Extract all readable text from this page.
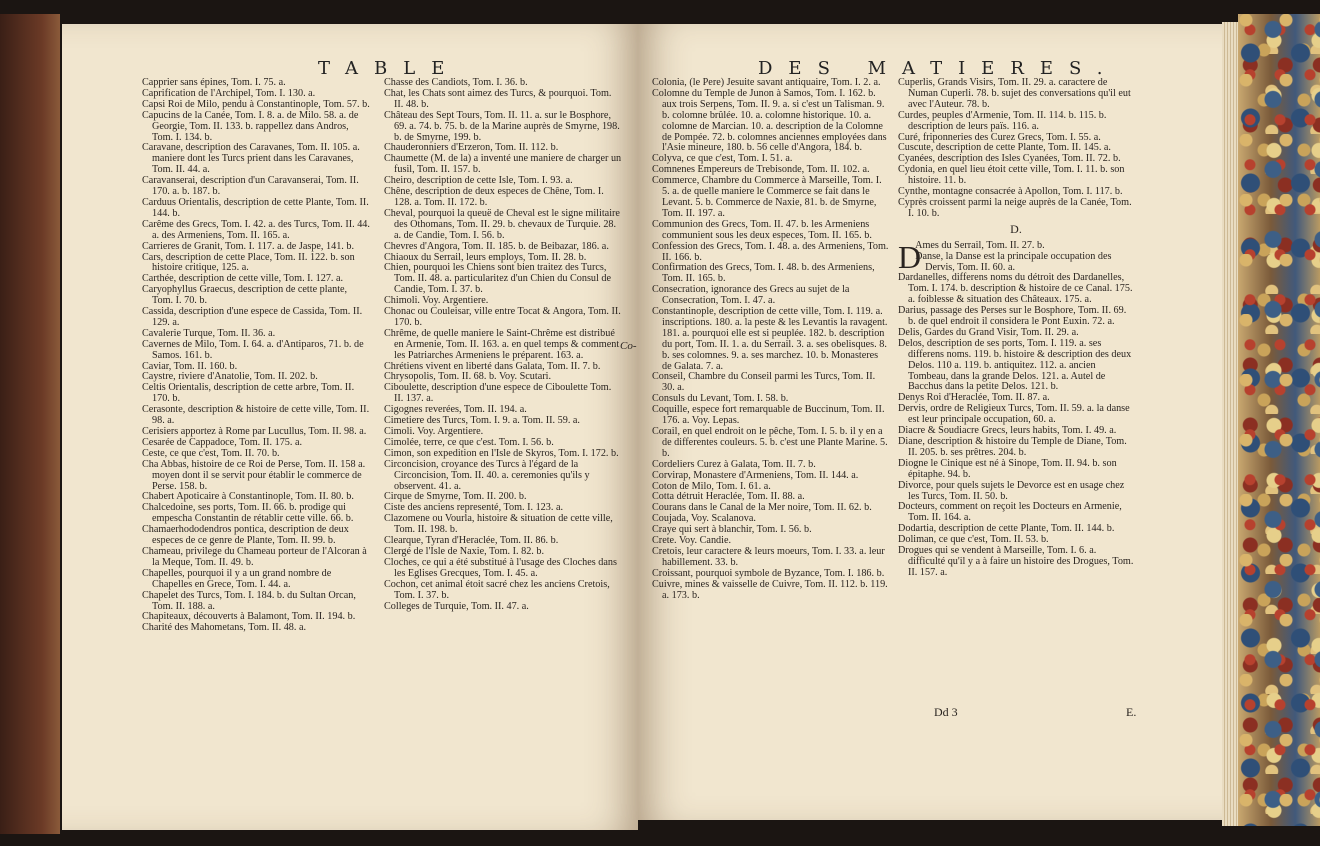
TABLE	DES MATIERES.

Capprier sans épines, Tom. I. 75. a.

Caprification de l'Archipel, Tom. I. 130. a.

Capsi Roi de Milo, pendu à Constantinople, Tom. 57. b.

Capucins de la Canée, Tom. I. 8. a. de Milo. 58. a. de Georgie, Tom. II. 133. b. rappellez dans Andros, Tom. I. 134. b.

Caravane, description des Caravanes, Tom. II. 105. a. maniere dont les Turcs prient dans les Caravanes, Tom. II. 44. a.

Caravanserai, description d'un Caravanserai, Tom. II. 170. a. b. 187. b.

Carduus Orientalis, description de cette Plante, Tom. II. 144. b.

Carême des Grecs, Tom. I. 42. a. des Turcs, Tom. II. 44. a. des Armeniens, Tom. II. 165. a.

Carrieres de Granit, Tom. I. 117. a. de Jaspe, 141. b.

Cars, description de cette Place, Tom. II. 122. b. son histoire critique, 125. a.

Carthée, description de cette ville, Tom. I. 127. a.

Caryophyllus Graecus, description de cette plante, Tom. I. 70. b.

Cassida, description d'une espece de Cassida, Tom. II. 129. a.

Cavalerie Turque, Tom. II. 36. a.

Cavernes de Milo, Tom. I. 64. a. d'Antiparos, 71. b. de Samos. 161. b.

Caviar, Tom. II. 160. b.

Caystre, riviere d'Anatolie, Tom. II. 202. b.

Celtis Orientalis, description de cette arbre, Tom. II. 170. b.

Cerasonte, description & histoire de cette ville, Tom. II. 98. a.

Cerisiers apportez à Rome par Lucullus, Tom. II. 98. a.

Cesarée de Cappadoce, Tom. II. 175. a.

Ceste, ce que c'est, Tom. II. 70. b.

Cha Abbas, histoire de ce Roi de Perse, Tom. II. 158 a. moyen dont il se servit pour établir le commerce de Perse. 158. b.

Chabert Apoticaire à Constantinople, Tom. II. 80. b.

Chalcedoine, ses ports, Tom. II. 66. b. prodige qui empescha Constantin de rétablir cette ville. 66. b.

Chamaerhododendros pontica, description de deux especes de ce genre de Plante, Tom. II. 99. b.

Chameau, privilege du Chameau porteur de l'Alcoran à la Meque, Tom. II. 49. b.

Chapelles, pourquoi il y a un grand nombre de Chapelles en Grece, Tom. I. 44. a.

Chapelet des Turcs, Tom. I. 184. b. du Sultan Orcan, Tom. II. 188. a.

Chapiteaux, découverts à Balamont, Tom. II. 194. b.

Charité des Mahometans, Tom. II. 48. a.

Chasse des Candiots, Tom. I. 36. b.

Chat, les Chats sont aimez des Turcs, & pourquoi. Tom. II. 48. b.

Château des Sept Tours, Tom. II. 11. a. sur le Bosphore, 69. a. 74. b. 75. b. de la Marine auprès de Smyrne, 198. b. de Smyrne, 199. b.

Chauderonniers d'Erzeron, Tom. II. 112. b.

Chaumette (M. de la) a inventé une maniere de charger un fusil, Tom. II. 157. b.

Cheiro, description de cette Isle, Tom. I. 93. a.

Chêne, description de deux especes de Chêne, Tom. I. 128. a. Tom. II. 172. b.

Cheval, pourquoi la queuë de Cheval est le signe militaire des Othomans, Tom. II. 29. b. chevaux de Turquie. 28. a. de Candie, Tom. I. 56. b.

Chevres d'Angora, Tom. II. 185. b. de Beibazar, 186. a.

Chiaoux du Serrail, leurs employs, Tom. II. 28. b.

Chien, pourquoi les Chiens sont bien traitez des Turcs, Tom. II. 48. a. particularitez d'un Chien du Consul de Candie, Tom. I. 37. b.

Chimoli. Voy. Argentiere.

Chonac ou Couleisar, ville entre Tocat & Angora, Tom. II. 170. b.

Chrême, de quelle maniere le Saint-Chrême est distribué en Armenie, Tom. II. 163. a. en quel temps & comment les Patriarches Armeniens le préparent. 163. a.

Chrétiens vivent en liberté dans Galata, Tom. II. 7. b.

Chrysopolis, Tom. II. 68. b. Voy. Scutari.

Ciboulette, description d'une espece de Ciboulette Tom. II. 137. a.

Cigognes reverées, Tom. II. 194. a.

Cimetiere des Turcs, Tom. I. 9. a. Tom. II. 59. a.

Cimoli. Voy. Argentiere.

Cimolée, terre, ce que c'est. Tom. I. 56. b.

Cimon, son expedition en l'Isle de Skyros, Tom. I. 172. b.

Circoncision, croyance des Turcs à l'égard de la Circoncision, Tom. II. 40. a. ceremonies qu'ils y observent. 41. a.

Cirque de Smyrne, Tom. II. 200. b.

Ciste des anciens representé, Tom. I. 123. a.

Clazomene ou Vourla, histoire & situation de cette ville, Tom. II. 198. b.

Clearque, Tyran d'Heraclée, Tom. II. 86. b.

Clergé de l'Isle de Naxie, Tom. I. 82. b.

Cloches, ce qui a été substitué à l'usage des Cloches dans les Eglises Grecques, Tom. I. 45. a.

Cochon, cet animal étoit sacré chez les anciens Cretois, Tom. I. 37. b.

Colleges de Turquie, Tom. II. 47. a.

Colonia, (le Pere) Jesuite savant antiquaire, Tom. I. 2. a.

Colomne du Temple de Junon à Samos, Tom. I. 162. b. aux trois Serpens, Tom. II. 9. a. si c'est un Talisman. 9. b. colomne brûlée. 10. a. colomne historique. 10. a. colomne de Marcian. 10. a. description de la Colomne de Pompée. 72. b. colomnes anciennes employées dans l'Asie mineure, 180. b. 56 celle d'Angora, 184. b.

Colyva, ce que c'est, Tom. I. 51. a.

Comnenes Empereurs de Trebisonde, Tom. II. 102. a.

Commerce, Chambre du Commerce à Marseille, Tom. I. 5. a. de quelle maniere le Commerce se fait dans le Levant. 5. b. Commerce de Naxie, 81. b. de Smyrne, Tom. II. 197. a.

Communion des Grecs, Tom. II. 47. b. les Armeniens communient sous les deux especes, Tom. II. 165. b.

Confession des Grecs, Tom. I. 48. a. des Armeniens, Tom. II. 166. b.

Confirmation des Grecs, Tom. I. 48. b. des Armeniens, Tom. II. 165. b.

Consecration, ignorance des Grecs au sujet de la Consecration, Tom. I. 47. a.

Constantinople, description de cette ville, Tom. I. 119. a. inscriptions. 180. a. la peste & les Levantis la ravagent. 181. a. pourquoi elle est si peuplée. 182. b. description du port, Tom. II. 1. a. du Serrail. 3. a. ses obelisques. 8. b. ses colomnes. 9. a. ses marchez. 10. b. Monasteres de Galata. 7. a.

Conseil, Chambre du Conseil parmi les Turcs, Tom. II. 30. a.

Consuls du Levant, Tom. I. 58. b.

Coquille, espece fort remarquable de Buccinum, Tom. II. 176. a. Voy. Lepas.

Corail, en quel endroit on le pêche, Tom. I. 5. b. il y en a de differentes couleurs. 5. b. c'est une Plante Marine. 5. b.

Cordeliers Curez à Galata, Tom. II. 7. b.

Corvirap, Monastere d'Armeniens, Tom. II. 144. a.

Coton de Milo, Tom. I. 61. a.

Cotta détruit Heraclée, Tom. II. 88. a.

Courans dans le Canal de la Mer noire, Tom. II. 62. b.

Coujada, Voy. Scalanova.

Craye qui sert à blanchir, Tom. I. 56. b.

Crete. Voy. Candie.

Cretois, leur caractere & leurs moeurs, Tom. I. 33. a. leur habillement. 33. b.

Croissant, pourquoi symbole de Byzance, Tom. I. 186. b.

Cuivre, mines & vaisselle de Cuivre, Tom. II. 112. b. 119. a. 173. b.

Cuperlis, Grands Visirs, Tom. II. 29. a. caractere de Numan Cuperli. 78. b. sujet des conversations qu'il eut avec l'Auteur. 78. b.

Curdes, peuples d'Armenie, Tom. II. 114. b. 115. b. description de leurs païs. 116. a.

Curé, friponneries des Curez Grecs, Tom. I. 55. a.

Cuscute, description de cette Plante, Tom. II. 145. a.

Cyanées, description des Isles Cyanées, Tom. II. 72. b.

Cydonia, en quel lieu étoit cette ville, Tom. I. 11. b. son histoire. 11. b.

Cynthe, montagne consacrée à Apollon, Tom. I. 117. b.

Cyprès croissent parmi la neige auprès de la Canée, Tom. I. 10. b.

D.
D

Ames du Serrail, Tom. II. 27. b.

Danse, la Danse est la principale occupation des Dervis, Tom. II. 60. a.

Dardanelles, differens noms du détroit des Dardanelles, Tom. I. 174. b. description & histoire de ce Canal. 175. a. foiblesse & situation des Châteaux. 175. a.

Darius, passage des Perses sur le Bosphore, Tom. II. 69. b. de quel endroit il considera le Pont Euxin. 72. a.

Delis, Gardes du Grand Visir, Tom. II. 29. a.

Delos, description de ses ports, Tom. I. 119. a. ses differens noms. 119. b. histoire & description des deux Delos. 110 a. 119. b. antiquitez. 112. a. ancien Tombeau, dans la grande Delos. 121. a. Autel de Bacchus dans la petite Delos. 121. b.

Denys Roi d'Heraclée, Tom. II. 87. a.

Dervis, ordre de Religieux Turcs, Tom. II. 59. a. la danse est leur principale occupation, 60. a.

Diacre & Soudiacre Grecs, leurs habits, Tom. I. 49. a.

Diane, description & histoire du Temple de Diane, Tom. II. 205. b. ses prêtres. 204. b.

Diogne le Cinique est né à Sinope, Tom. II. 94. b. son épitaphe. 94. b.

Divorce, pour quels sujets le Devorce est en usage chez les Turcs, Tom. II. 50. b.

Docteurs, comment on reçoit les Docteurs en Armenie, Tom. II. 164. a.

Dodartia, description de cette Plante, Tom. II. 144. b.

Doliman, ce que c'est, Tom. II. 53. b.

Drogues qui se vendent à Marseille, Tom. I. 6. a. difficulté qu'il y a à faire un histoire des Drogues, Tom. II. 157. a.

Co-
Dd 3	E.
